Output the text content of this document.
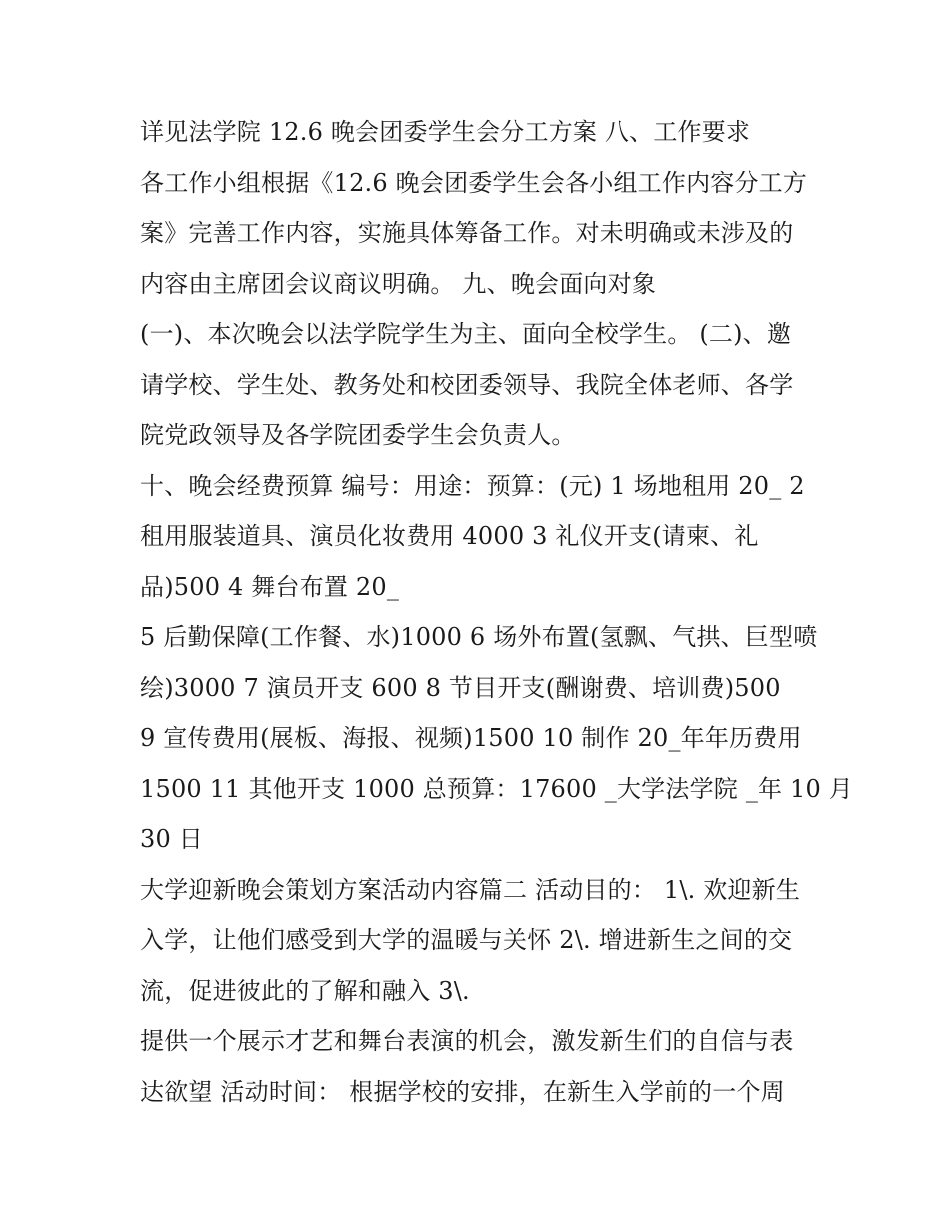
详见法学院 12.6 晚会团委学生会分工方案 八、工作要求
各工作小组根据《12.6 晚会团委学生会各小组工作内容分工方
案》完善工作内容，实施具体筹备工作。对未明确或未涉及的
内容由主席团会议商议明确。 九、晚会面向对象
(一)、本次晚会以法学院学生为主、面向全校学生。 (二)、邀
请学校、学生处、教务处和校团委领导、我院全体老师、各学
院党政领导及各学院团委学生会负责人。
十、晚会经费预算 编号：用途：预算：(元) 1 场地租用 20_ 2
租用服装道具、演员化妆费用 4000 3 礼仪开支(请柬、礼
品)500 4 舞台布置 20_
5 后勤保障(工作餐、水)1000 6 场外布置(氢飘、气拱、巨型喷
绘)3000 7 演员开支 600 8 节目开支(酬谢费、培训费)500
9 宣传费用(展板、海报、视频)1500 10 制作 20_年年历费用
1500 11 其他开支 1000 总预算：17600 _大学法学院 _年 10 月
30 日
大学迎新晚会策划方案活动内容篇二 活动目的： 1\. 欢迎新生
入学，让他们感受到大学的温暖与关怀 2\. 增进新生之间的交
流，促进彼此的了解和融入 3\.
提供一个展示才艺和舞台表演的机会，激发新生们的自信与表
达欲望 活动时间： 根据学校的安排，在新生入学前的一个周
